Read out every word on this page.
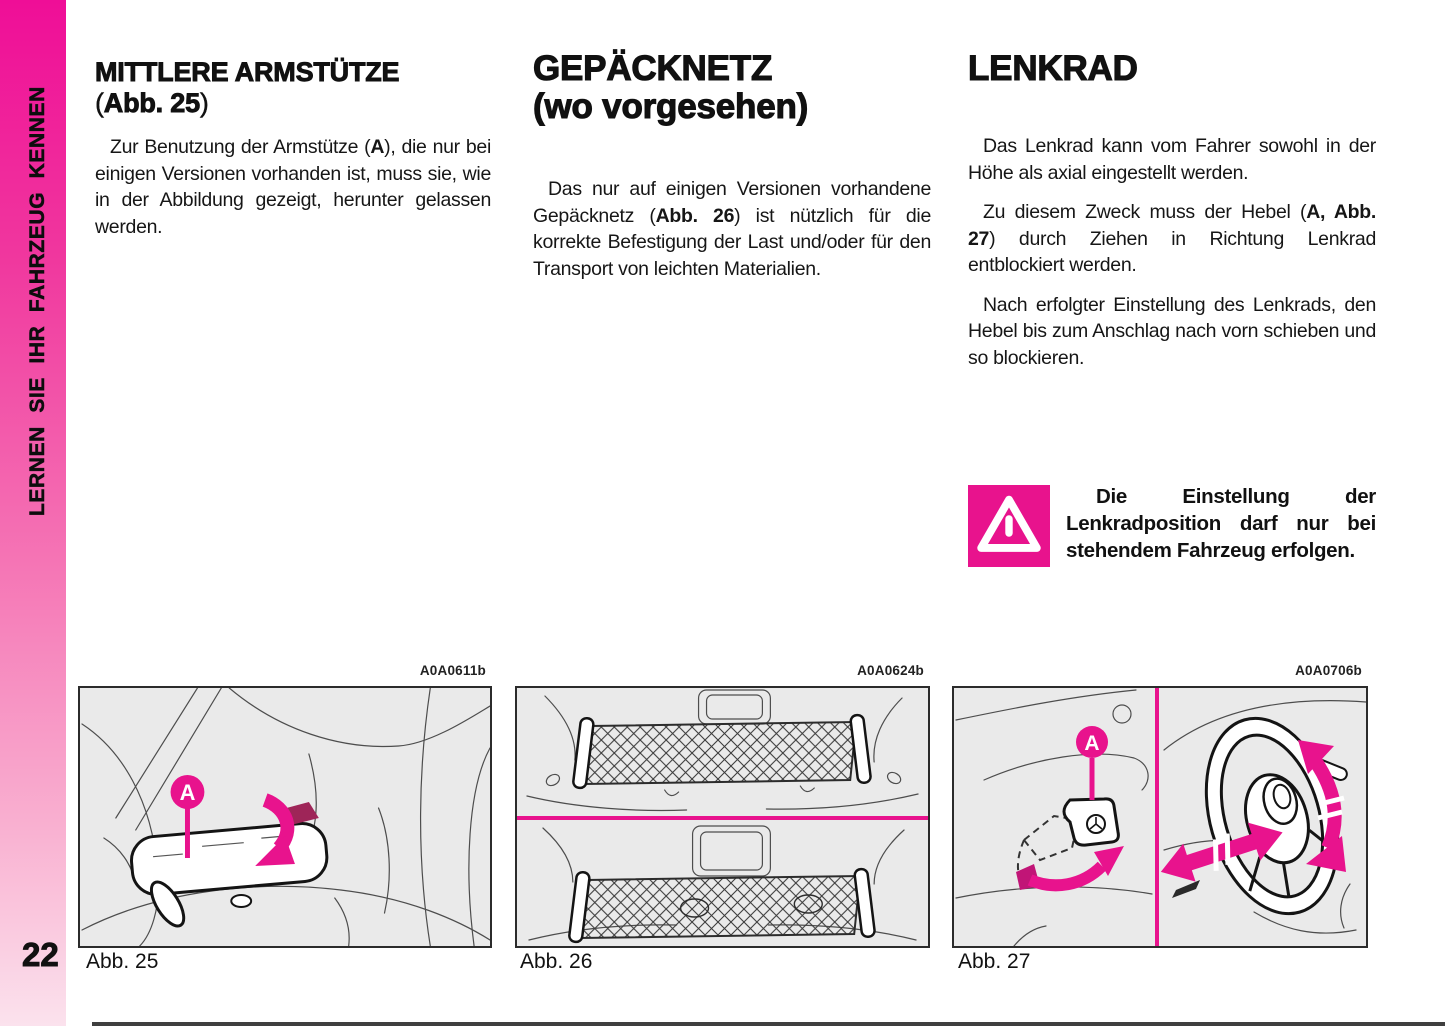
LERNEN SIE IHR FAHRZEUG KENNEN
MITTLERE ARMSTÜTZE
(Abb. 25)

Zur Benutzung der Armstütze (A), die nur bei einigen Versionen vorhanden ist, muss sie, wie in der Abbildung gezeigt, herunter gelassen werden.

GEPÄCKNETZ
(wo vorgesehen)

Das nur auf einigen Versionen vorhandene Gepäcknetz (Abb. 26) ist nützlich für die korrekte Befestigung der Last und/oder für den Transport von leichten Materialien.

LENKRAD

Das Lenkrad kann vom Fahrer sowohl in der Höhe als axial eingestellt werden.

Zu diesem Zweck muss der Hebel (A, Abb. 27) durch Ziehen in Richtung Lenkrad entblockiert werden.

Nach erfolgter Einstellung des Lenkrads, den Hebel bis zum Anschlag nach vorn schieben und so blockieren.

Die Einstellung der Lenkradposition darf nur bei stehendem Fahrzeug erfolgen.
A0A0611b	A0A0624b	A0A0706b
A
A
Abb. 25	Abb. 26	Abb. 27
22
